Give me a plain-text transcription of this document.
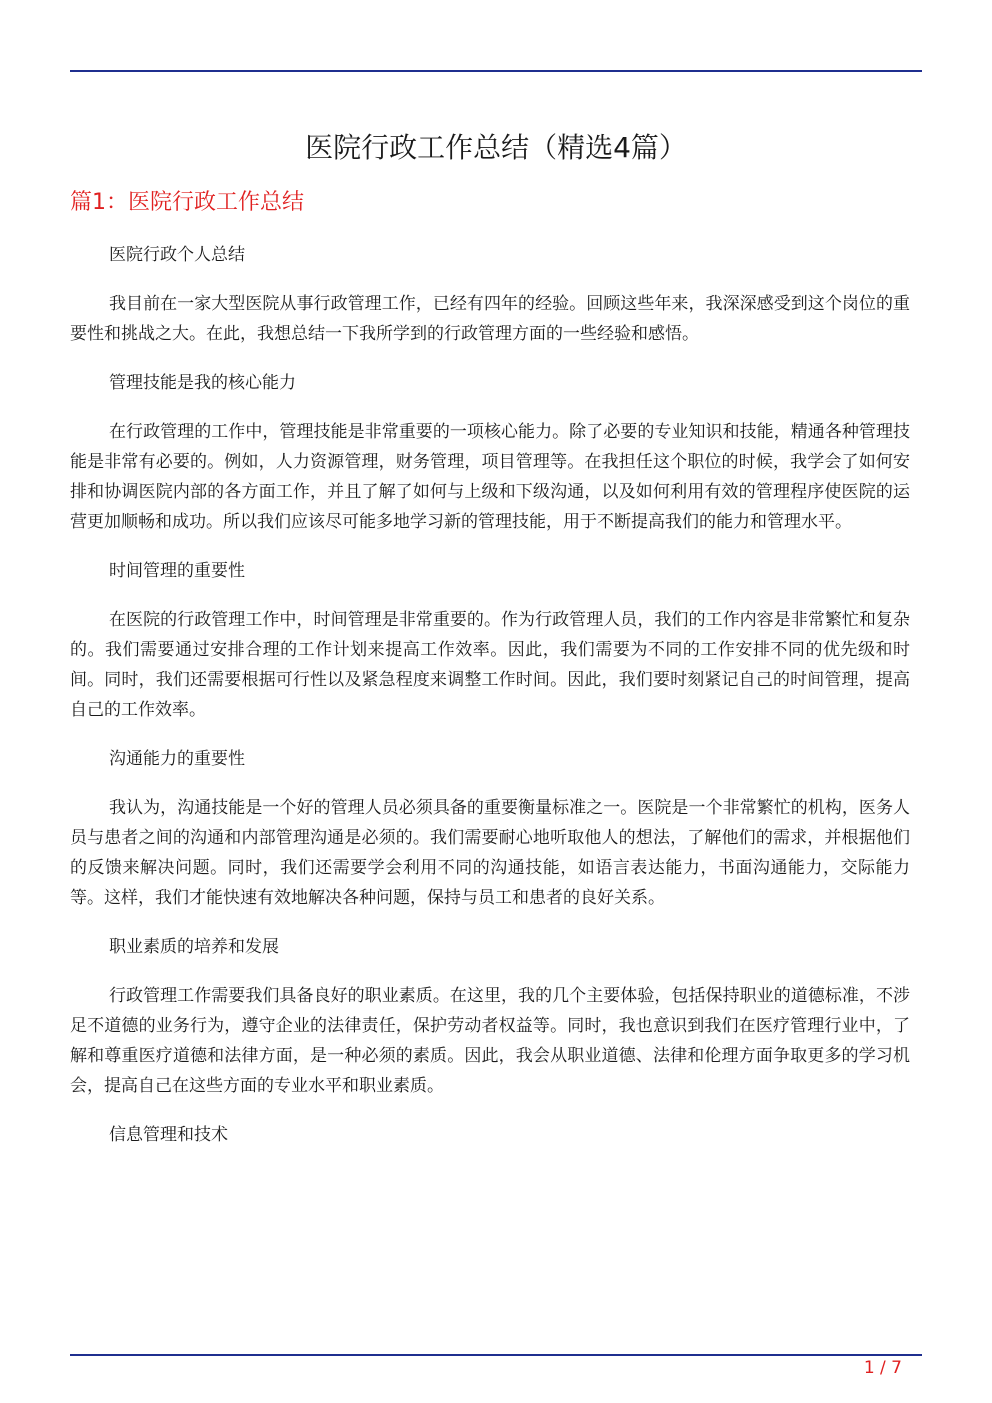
医院行政工作总结（精选4篇）
篇1：医院行政工作总结

医院行政个人总结

我目前在一家大型医院从事行政管理工作，已经有四年的经验。回顾这些年来，我深深感受到这个岗位的重要性和挑战之大。在此，我想总结一下我所学到的行政管理方面的一些经验和感悟。

管理技能是我的核心能力

在行政管理的工作中，管理技能是非常重要的一项核心能力。除了必要的专业知识和技能，精通各种管理技能是非常有必要的。例如，人力资源管理，财务管理，项目管理等。在我担任这个职位的时候，我学会了如何安排和协调医院内部的各方面工作，并且了解了如何与上级和下级沟通，以及如何利用有效的管理程序使医院的运营更加顺畅和成功。所以我们应该尽可能多地学习新的管理技能，用于不断提高我们的能力和管理水平。

时间管理的重要性

在医院的行政管理工作中，时间管理是非常重要的。作为行政管理人员，我们的工作内容是非常繁忙和复杂的。我们需要通过安排合理的工作计划来提高工作效率。因此，我们需要为不同的工作安排不同的优先级和时间。同时，我们还需要根据可行性以及紧急程度来调整工作时间。因此，我们要时刻紧记自己的时间管理，提高自己的工作效率。

沟通能力的重要性

我认为，沟通技能是一个好的管理人员必须具备的重要衡量标准之一。医院是一个非常繁忙的机构，医务人员与患者之间的沟通和内部管理沟通是必须的。我们需要耐心地听取他人的想法，了解他们的需求，并根据他们的反馈来解决问题。同时，我们还需要学会利用不同的沟通技能，如语言表达能力，书面沟通能力，交际能力等。这样，我们才能快速有效地解决各种问题，保持与员工和患者的良好关系。

职业素质的培养和发展

行政管理工作需要我们具备良好的职业素质。在这里，我的几个主要体验，包括保持职业的道德标准，不涉足不道德的业务行为，遵守企业的法律责任，保护劳动者权益等。同时，我也意识到我们在医疗管理行业中，了解和尊重医疗道德和法律方面，是一种必须的素质。因此，我会从职业道德、法律和伦理方面争取更多的学习机会，提高自己在这些方面的专业水平和职业素质。

信息管理和技术

1 / 7
